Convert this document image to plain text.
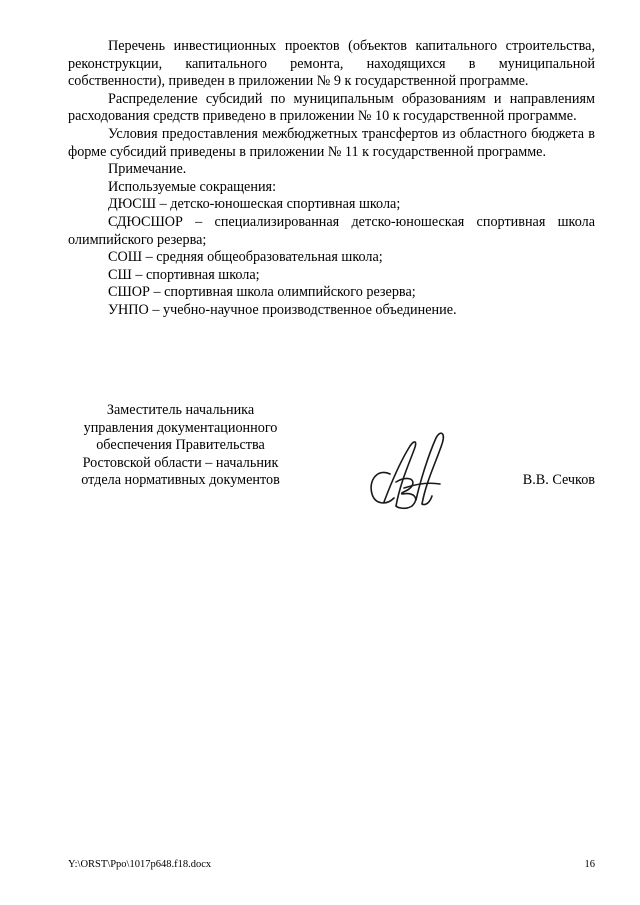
Перечень инвестиционных проектов (объектов капитального строительства, реконструкции, капитального ремонта, находящихся в муниципальной собственности), приведен в приложении № 9 к государственной программе.

Распределение субсидий по муниципальным образованиям и направлениям расходования средств приведено в приложении № 10 к государственной программе.

Условия предоставления межбюджетных трансфертов из областного бюджета в форме субсидий приведены в приложении № 11 к государственной программе.

Примечание.

Используемые сокращения:

ДЮСШ – детско-юношеская спортивная школа;

СДЮСШОР – специализированная детско-юношеская спортивная школа олимпийского резерва;

СОШ – средняя общеобразовательная школа;

СШ – спортивная школа;

СШОР – спортивная школа олимпийского резерва;

УНПО – учебно-научное производственное объединение.

Заместитель начальника
управления документационного
обеспечения Правительства
Ростовской области – начальник
отдела нормативных документов	В.В. Сечков
Y:\ORST\Ppo\1017p648.f18.docx	16
